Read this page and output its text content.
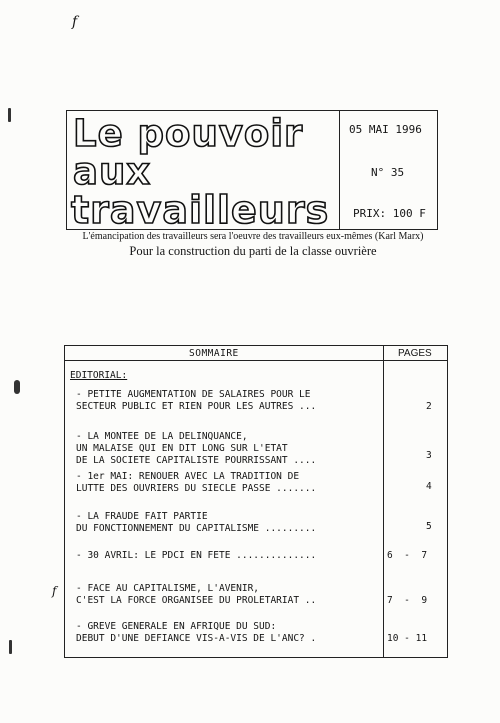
f
f
Le pouvoir
aux
travailleurs
05 MAI 1996
N° 35
PRIX: 100 F
L'émancipation des travailleurs sera l'oeuvre des travailleurs eux-mêmes (Karl Marx)
Pour la construction du parti de la classe ouvrière
SOMMAIRE	PAGES
EDITORIAL:
- PETITE AUGMENTATION DE SALAIRES POUR LE
SECTEUR PUBLIC ET RIEN POUR LES AUTRES ...	2
- LA MONTEE DE LA DELINQUANCE,
UN MALAISE QUI EN DIT LONG SUR L'ETAT
DE LA SOCIETE CAPITALISTE POURRISSANT ....	3
- 1er MAI: RENOUER AVEC LA TRADITION DE
LUTTE DES OUVRIERS DU SIECLE PASSE .......	4
- LA FRAUDE FAIT PARTIE
DU FONCTIONNEMENT DU CAPITALISME .........	5
- 30 AVRIL: LE PDCI EN FETE ..............	6  -  7
- FACE AU CAPITALISME, L'AVENIR,
C'EST LA FORCE ORGANISEE DU PROLETARIAT ..	7  -  9
- GREVE GENERALE EN AFRIQUE DU SUD:
DEBUT D'UNE DEFIANCE VIS-A-VIS DE L'ANC? .	10 - 11
